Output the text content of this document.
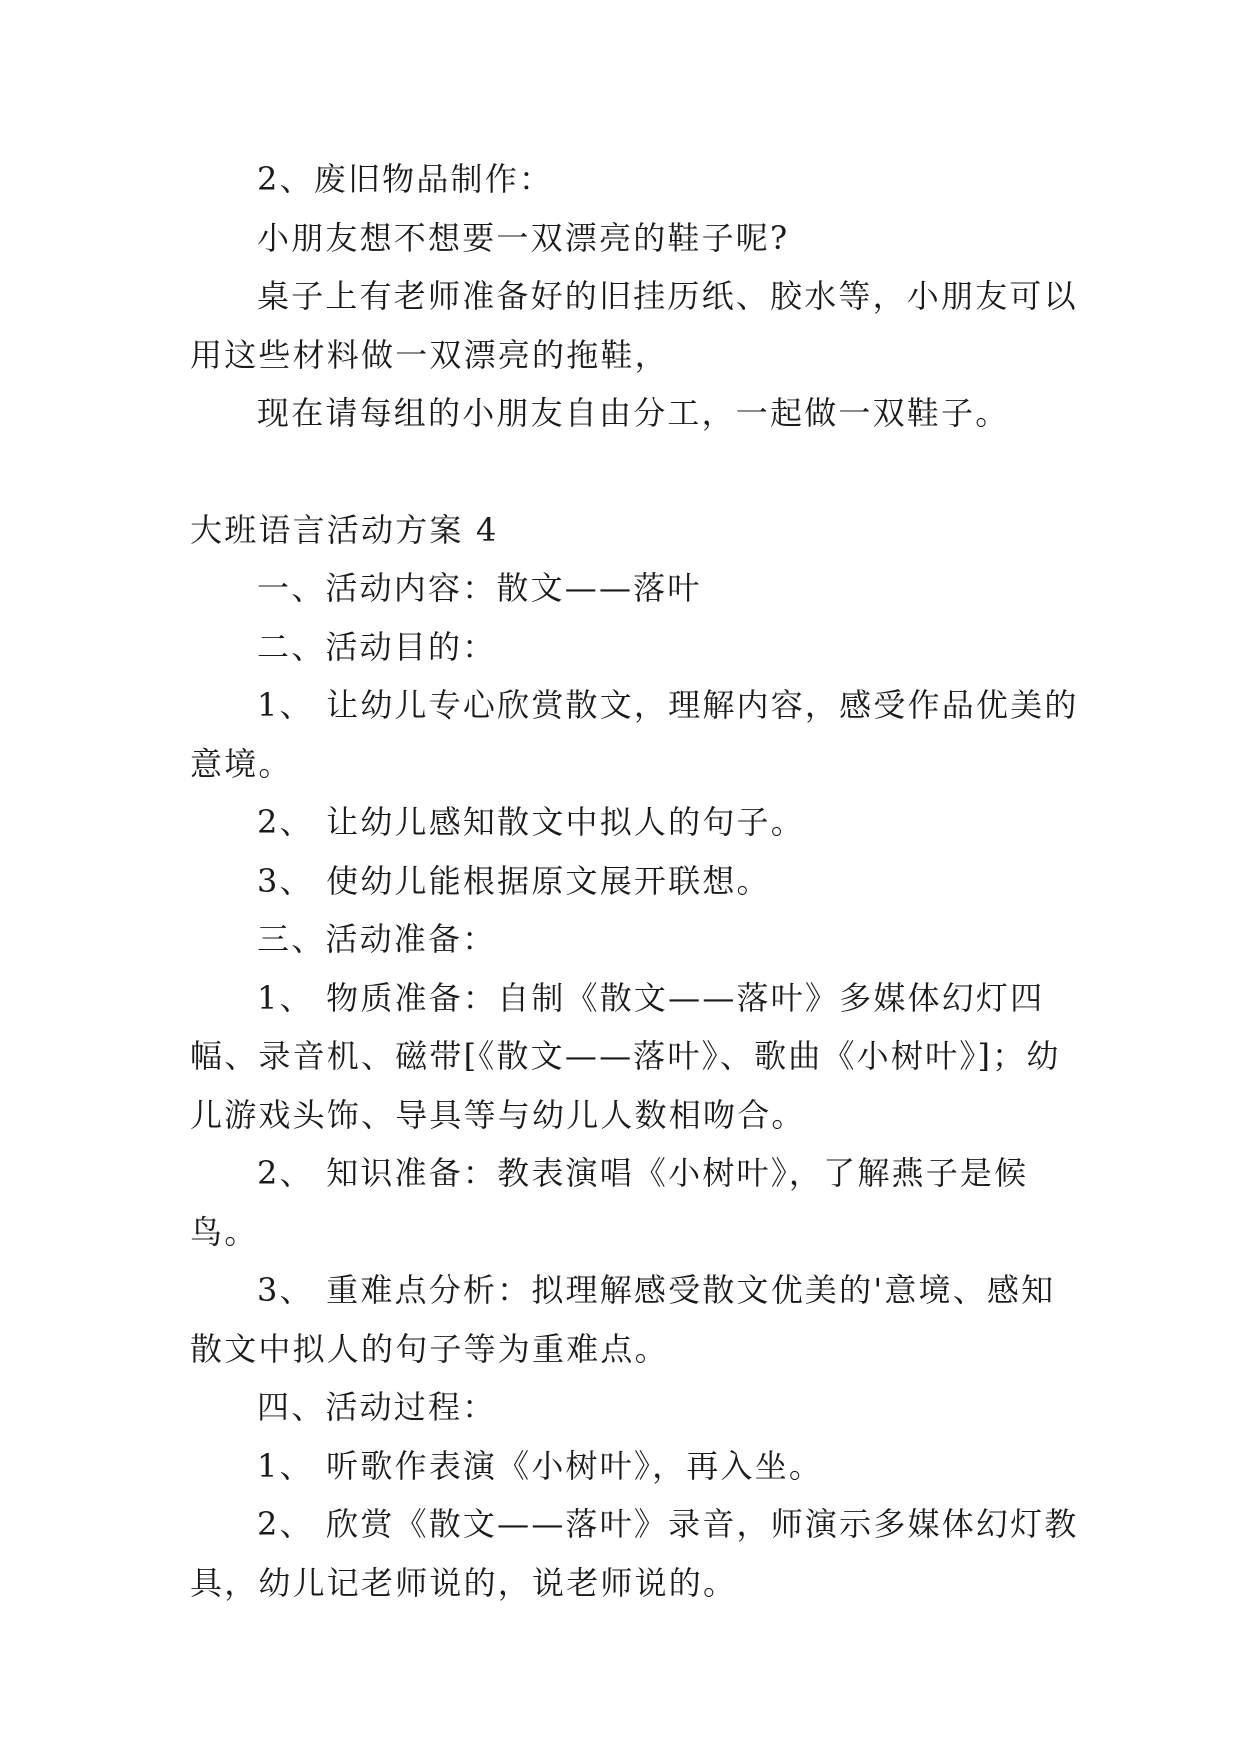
2、废旧物品制作：

小朋友想不想要一双漂亮的鞋子呢?

桌子上有老师准备好的旧挂历纸、胶水等，小朋友可以用这些材料做一双漂亮的拖鞋，

现在请每组的小朋友自由分工，一起做一双鞋子。

大班语言活动方案 4

一、活动内容：散文——落叶

二、活动目的：

1、 让幼儿专心欣赏散文，理解内容，感受作品优美的意境。

2、 让幼儿感知散文中拟人的句子。

3、 使幼儿能根据原文展开联想。

三、活动准备：

1、 物质准备：自制《散文——落叶》多媒体幻灯四幅、录音机、磁带[《散文——落叶》、歌曲《小树叶》]；幼儿游戏头饰、导具等与幼儿人数相吻合。

2、 知识准备：教表演唱《小树叶》，了解燕子是候鸟。

3、 重难点分析：拟理解感受散文优美的'意境、感知散文中拟人的句子等为重难点。

四、活动过程：

1、 听歌作表演《小树叶》，再入坐。

2、 欣赏《散文——落叶》录音，师演示多媒体幻灯教具，幼儿记老师说的，说老师说的。
